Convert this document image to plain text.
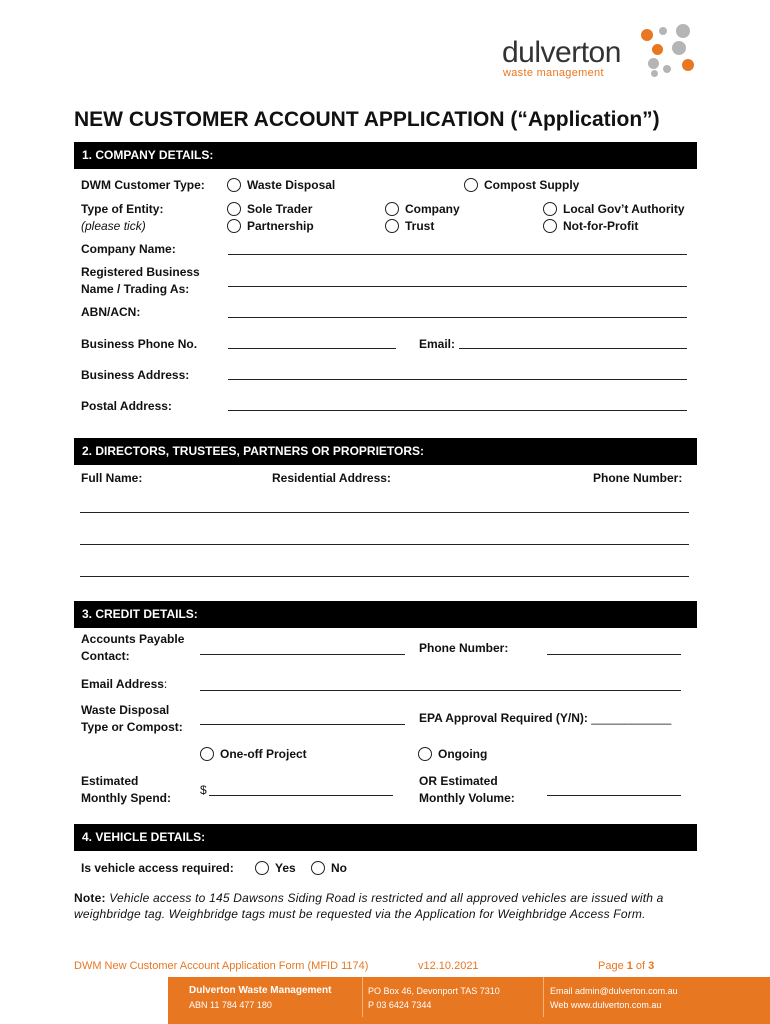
dulverton
waste management
NEW CUSTOMER ACCOUNT APPLICATION (“Application”)
1. COMPANY DETAILS:
DWM Customer Type:	Waste Disposal	Compost Supply
Type of Entity:
(please tick)
Sole Trader	Company	Local Gov’t Authority
Partnership	Trust	Not-for-Profit
Company Name:
Registered Business
Name / Trading As:
ABN/ACN:
Business Phone No.	Email:
Business Address:
Postal Address:
2. DIRECTORS, TRUSTEES, PARTNERS OR PROPRIETORS:
Full Name:	Residential Address:	Phone Number:
3. CREDIT DETAILS:
Accounts Payable
Contact:
Phone Number:
Email Address:
Waste Disposal
Type or Compost:
EPA Approval Required (Y/N): ____________
One-off Project	Ongoing
Estimated
Monthly Spend:
$
OR Estimated
Monthly Volume:
4. VEHICLE DETAILS:
Is vehicle access required:	Yes	No
Note: Vehicle access to 145 Dawsons Siding Road is restricted and all approved vehicles are issued with a weighbridge tag. Weighbridge tags must be requested via the Application for Weighbridge Access Form.
DWM New Customer Account Application Form (MFID 1174)	v12.10.2021	Page 1 of 3
Dulverton Waste Management
ABN 11 784 477 180
PO Box 46, Devonport TAS 7310
P 03 6424 7344
Email admin@dulverton.com.au
Web www.dulverton.com.au
